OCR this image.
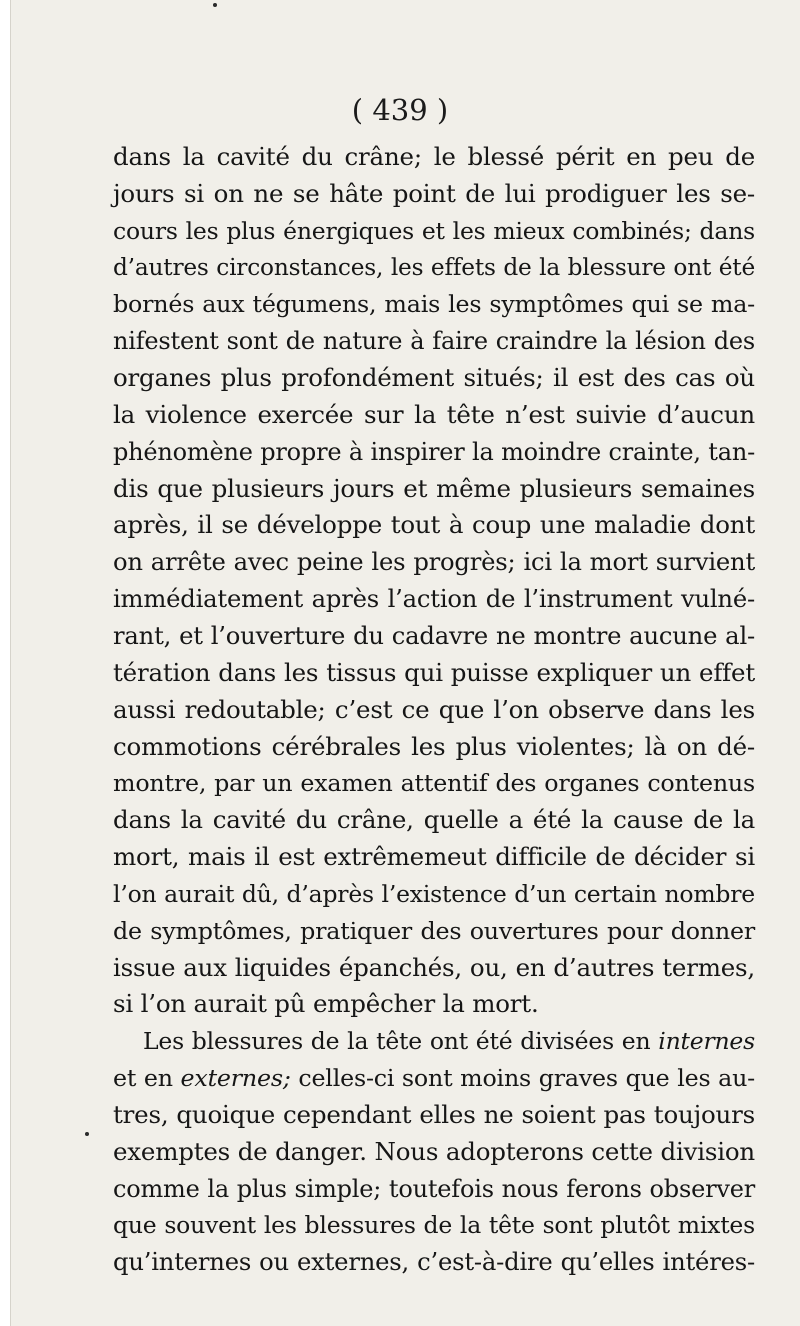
( 439 )
dans la cavité du crâne; le blessé périt en peu de
jours si on ne se hâte point de lui prodiguer les se-
cours les plus énergiques et les mieux combinés; dans
d’autres circonstances, les effets de la blessure ont été
bornés aux tégumens, mais les symptômes qui se ma-
nifestent sont de nature à faire craindre la lésion des
organes plus profondément situés; il est des cas où
la violence exercée sur la tête n’est suivie d’aucun
phénomène propre à inspirer la moindre crainte, tan-
dis que plusieurs jours et même plusieurs semaines
après, il se développe tout à coup une maladie dont
on arrête avec peine les progrès; ici la mort survient
immédiatement après l’action de l’instrument vulné-
rant, et l’ouverture du cadavre ne montre aucune al-
tération dans les tissus qui puisse expliquer un effet
aussi redoutable; c’est ce que l’on observe dans les
commotions cérébrales les plus violentes; là on dé-
montre, par un examen attentif des organes contenus
dans la cavité du crâne, quelle a été la cause de la
mort, mais il est extrêmemeut difficile de décider si
l’on aurait dû, d’après l’existence d’un certain nombre
de symptômes, pratiquer des ouvertures pour donner
issue aux liquides épanchés, ou, en d’autres termes,
si l’on aurait pû empêcher la mort.
Les blessures de la tête ont été divisées en internes
et en externes; celles-ci sont moins graves que les au-
tres, quoique cependant elles ne soient pas toujours
exemptes de danger. Nous adopterons cette division
comme la plus simple; toutefois nous ferons observer
que souvent les blessures de la tête sont plutôt mixtes
qu’internes ou externes, c’est-à-dire qu’elles intéres-
